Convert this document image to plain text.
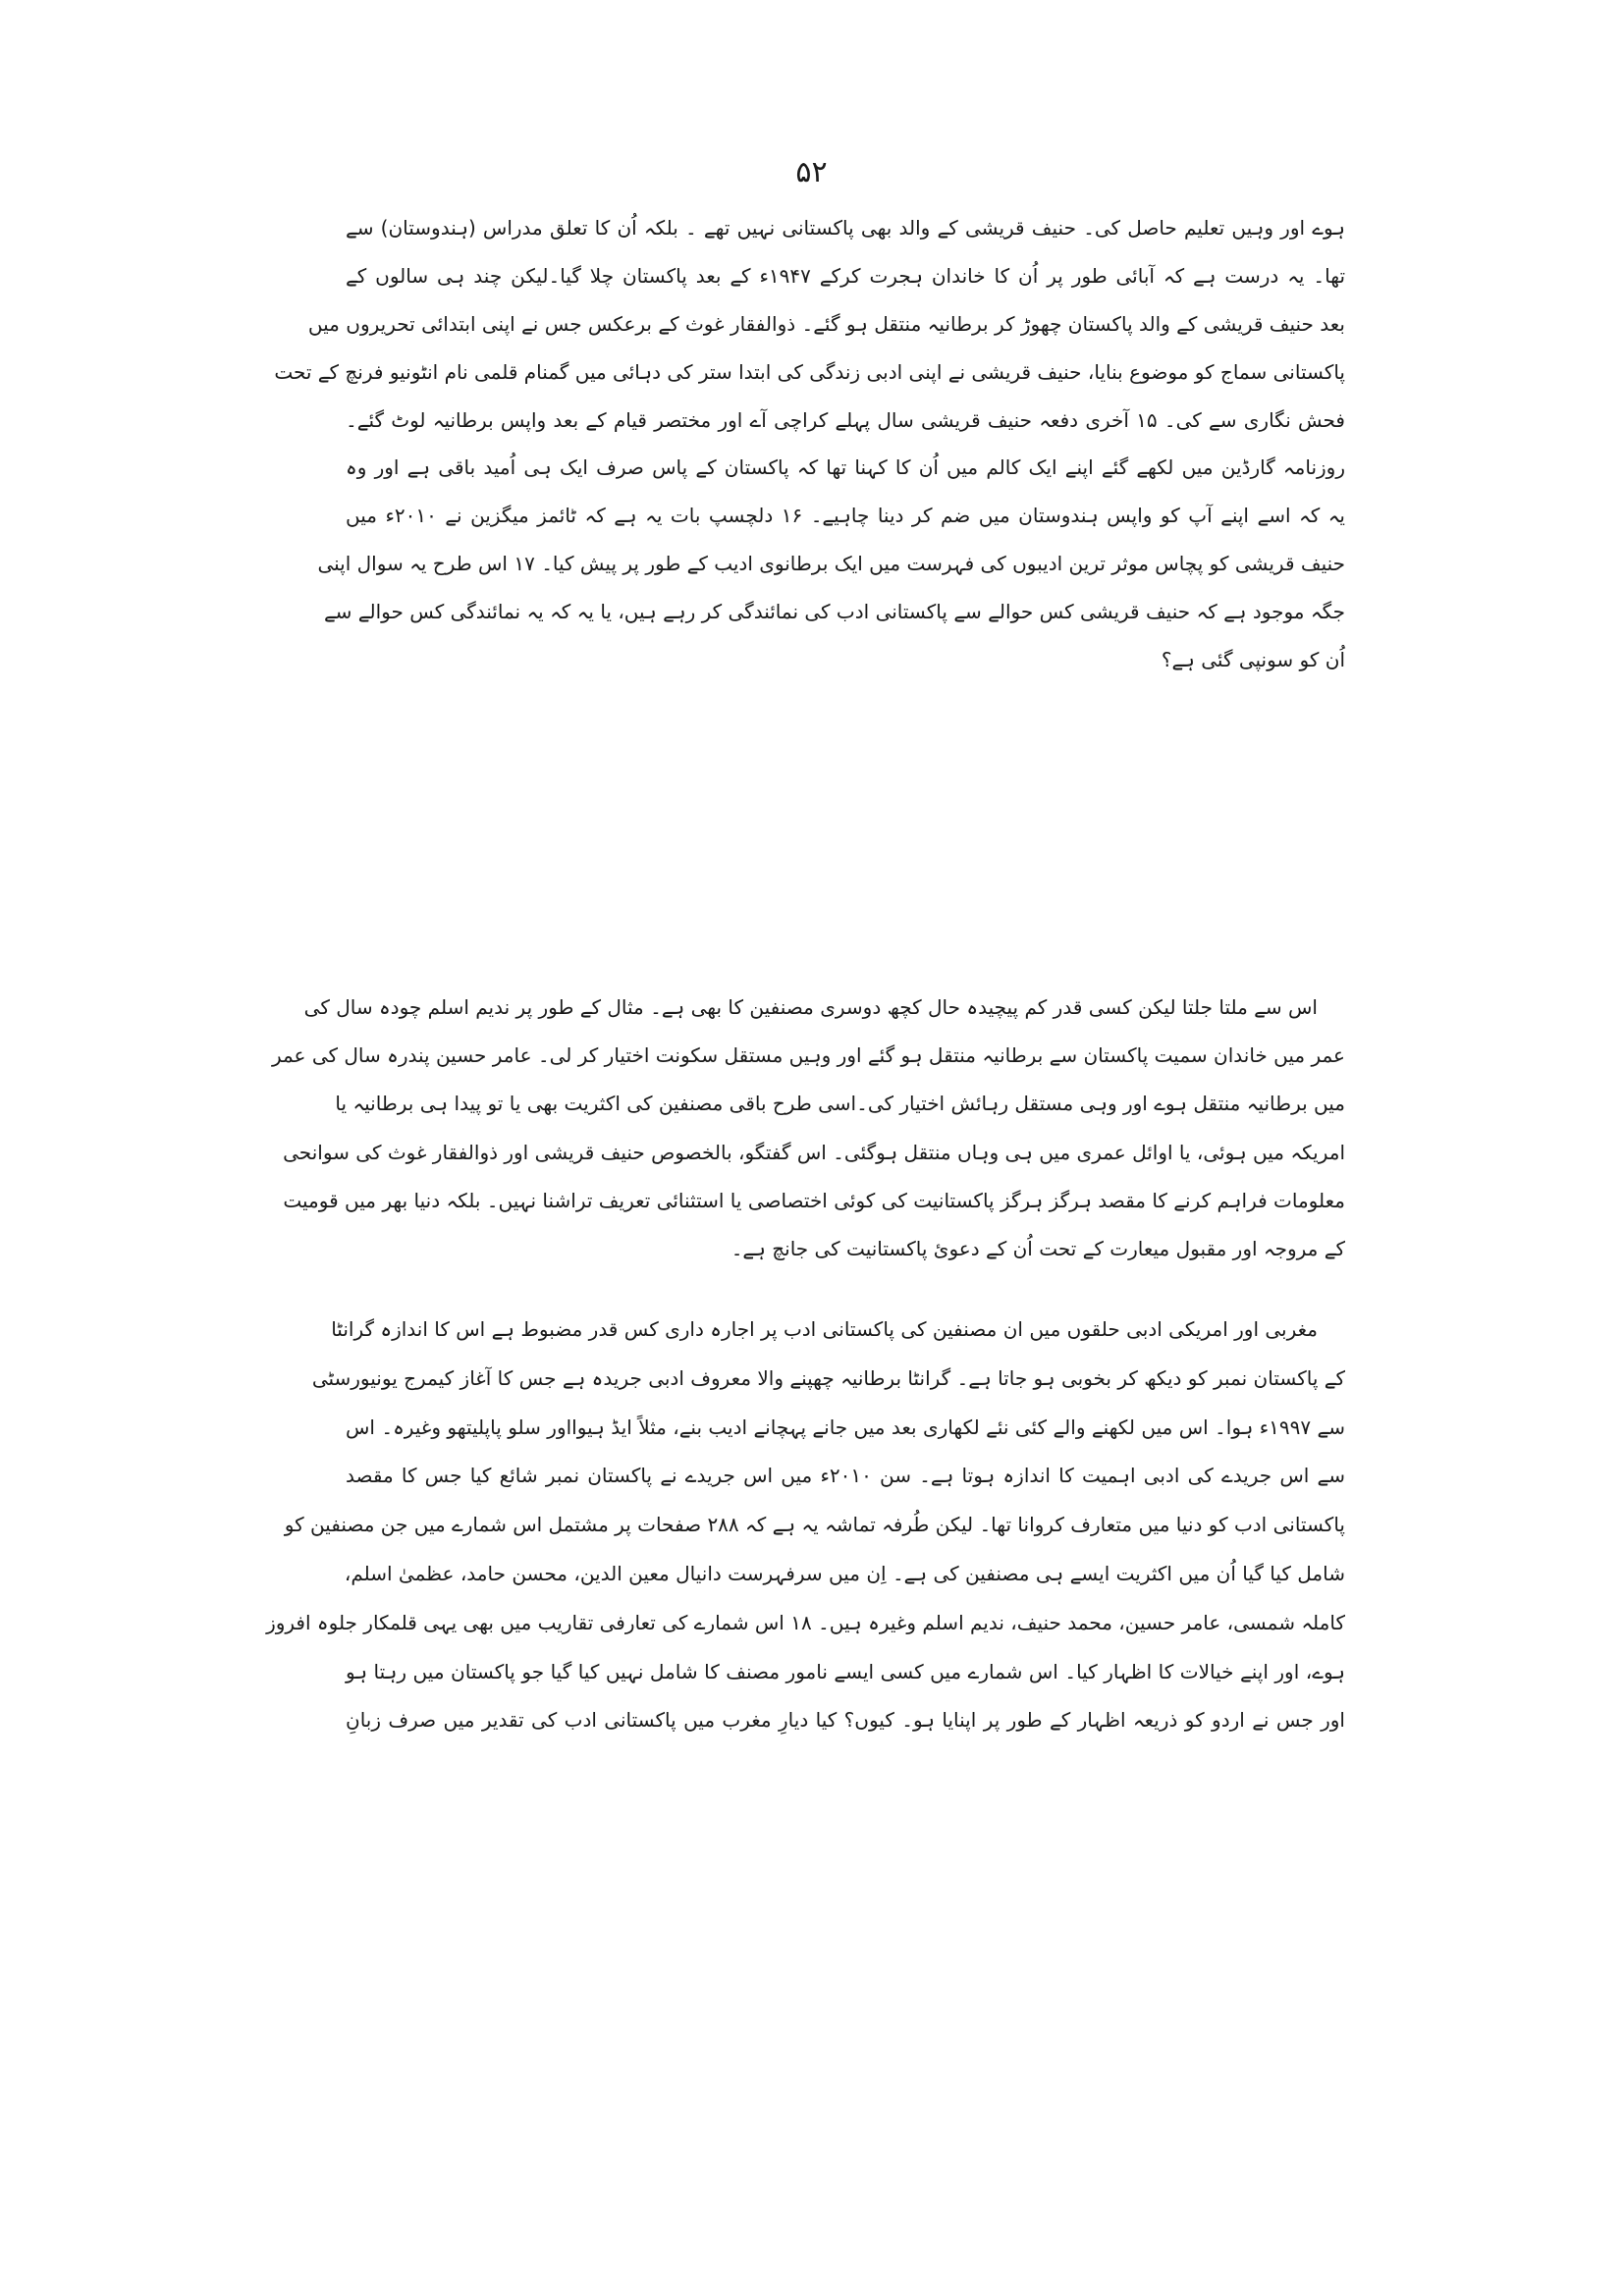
۵۲
ہوے اور وہیں تعلیم حاصل کی۔ حنیف قریشی کے والد بھی پاکستانی نہیں تھے ۔ بلکہ اُن کا تعلق مدراس (ہندوستان) سے
تھا۔ یہ درست ہے کہ آبائی طور پر اُن کا خاندان ہجرت کرکے ۱۹۴۷ء کے بعد پاکستان چلا گیا۔لیکن چند ہی سالوں کے
بعد حنیف قریشی کے والد پاکستان چھوڑ کر برطانیہ منتقل ہو گئے۔ ذوالفقار غوث کے برعکس جس نے اپنی ابتدائی تحریروں میں
پاکستانی سماج کو موضوع بنایا، حنیف قریشی نے اپنی ادبی زندگی کی ابتدا ستر کی دہائی میں گمنام قلمی نام انٹونیو فرنچ کے تحت
فحش نگاری سے کی۔ ۱۵ آخری دفعہ حنیف قریشی سال پہلے کراچی آے اور مختصر قیام کے بعد واپس برطانیہ لوٹ گئے۔
روزنامہ گارڈین میں لکھے گئے اپنے ایک کالم میں اُن کا کہنا تھا کہ پاکستان کے پاس صرف ایک ہی اُمید باقی ہے اور وہ
یہ کہ اسے اپنے آپ کو واپس ہندوستان میں ضم کر دینا چاہیے۔ ۱۶ دلچسپ بات یہ ہے کہ ٹائمز میگزین نے ۲۰۱۰ء میں
حنیف قریشی کو پچاس موثر ترین ادیبوں کی فہرست میں ایک برطانوی ادیب کے طور پر پیش کیا۔ ۱۷ اس طرح یہ سوال اپنی
جگہ موجود ہے کہ حنیف قریشی کس حوالے سے پاکستانی ادب کی نمائندگی کر رہے ہیں، یا یہ کہ یہ نمائندگی کس حوالے سے
اُن کو سونپی گئی ہے؟
اس سے ملتا جلتا لیکن کسی قدر کم پیچیدہ حال کچھ دوسری مصنفین کا بھی ہے۔ مثال کے طور پر ندیم اسلم چودہ سال کی
عمر میں خاندان سمیت پاکستان سے برطانیہ منتقل ہو گئے اور وہیں مستقل سکونت اختیار کر لی۔ عامر حسین پندرہ سال کی عمر
میں برطانیہ منتقل ہوے اور وہی مستقل رہائش اختیار کی۔اسی طرح باقی مصنفین کی اکثریت بھی یا تو پیدا ہی برطانیہ یا
امریکہ میں ہوئی، یا اوائل عمری میں ہی وہاں منتقل ہوگئی۔ اس گفتگو، بالخصوص حنیف قریشی اور ذوالفقار غوث کی سوانحی
معلومات فراہم کرنے کا مقصد ہرگز ہرگز پاکستانیت کی کوئی اختصاصی یا استثنائی تعریف تراشنا نہیں۔ بلکہ دنیا بھر میں قومیت
کے مروجہ اور مقبول میعارت کے تحت اُن کے دعویٔ پاکستانیت کی جانچ ہے۔
مغربی اور امریکی ادبی حلقوں میں ان مصنفین کی پاکستانی ادب پر اجارہ داری کس قدر مضبوط ہے اس کا اندازہ گرانٹا
کے پاکستان نمبر کو دیکھ کر بخوبی ہو جاتا ہے۔ گرانٹا برطانیہ چھپنے والا معروف ادبی جریدہ ہے جس کا آغاز کیمرج یونیورسٹی
سے ۱۹۹۷ء ہوا۔ اس میں لکھنے والے کئی نئے لکھاری بعد میں جانے پہچانے ادیب بنے، مثلاً ایڈ ہیوااور سلو پاپلیتھو وغیرہ۔ اس
سے اس جریدے کی ادبی اہمیت کا اندازہ ہوتا ہے۔ سن ۲۰۱۰ء میں اس جریدے نے پاکستان نمبر شائع کیا جس کا مقصد
پاکستانی ادب کو دنیا میں متعارف کروانا تھا۔ لیکن طُرفہ تماشہ یہ ہے کہ ۲۸۸ صفحات پر مشتمل اس شمارے میں جن مصنفین کو
شامل کیا گیا اُن میں اکثریت ایسے ہی مصنفین کی ہے۔ اِن میں سرفہرست دانیال معین الدین، محسن حامد، عظمیٰ اسلم،
کاملہ شمسی، عامر حسین، محمد حنیف، ندیم اسلم وغیرہ ہیں۔ ۱۸ اس شمارے کی تعارفی تقاریب میں بھی یہی قلمکار جلوہ افروز
ہوے، اور اپنے خیالات کا اظہار کیا۔ اس شمارے میں کسی ایسے نامور مصنف کا شامل نہیں کیا گیا جو پاکستان میں رہتا ہو
اور جس نے اردو کو ذریعہ اظہار کے طور پر اپنایا ہو۔ کیوں؟ کیا دیارِ مغرب میں پاکستانی ادب کی تقدیر میں صرف زبانِ
